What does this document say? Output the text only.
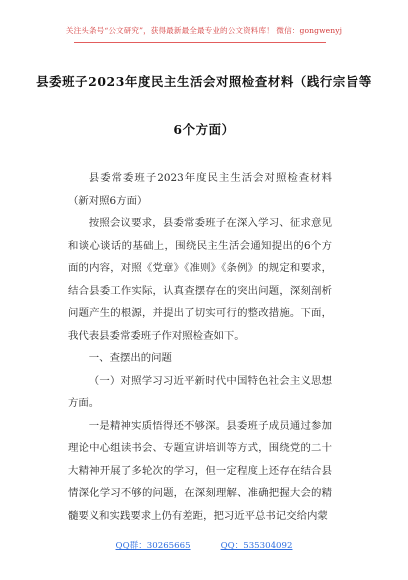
关注头条号“公文研究”，获得最新最全最专业的公文资料库！ 微信：gongwenyj
县委班子2023年度民主生活会对照检查材料（践行宗旨等
6个方面）

县委常委班子2023年度民主生活会对照检查材料（新对照6方面）

按照会议要求，县委常委班子在深入学习、征求意见和谈心谈话的基础上，围绕民主生活会通知提出的6个方面的内容，对照《党章》《准则》《条例》的规定和要求，结合县委工作实际，认真查摆存在的突出问题，深刻剖析问题产生的根源，并提出了切实可行的整改措施。下面，我代表县委常委班子作对照检查如下。

一、查摆出的问题

（一）对照学习习近平新时代中国特色社会主义思想方面。

一是精神实质悟得还不够深。县委班子成员通过参加理论中心组读书会、专题宣讲培训等方式，围绕党的二十大精神开展了多轮次的学习，但一定程度上还存在结合县情深化学习不够的问题，在深刻理解、准确把握大会的精髓要义和实践要求上仍有差距，把习近平总书记交给内蒙

QQ群：30265665	QQ：535304092
